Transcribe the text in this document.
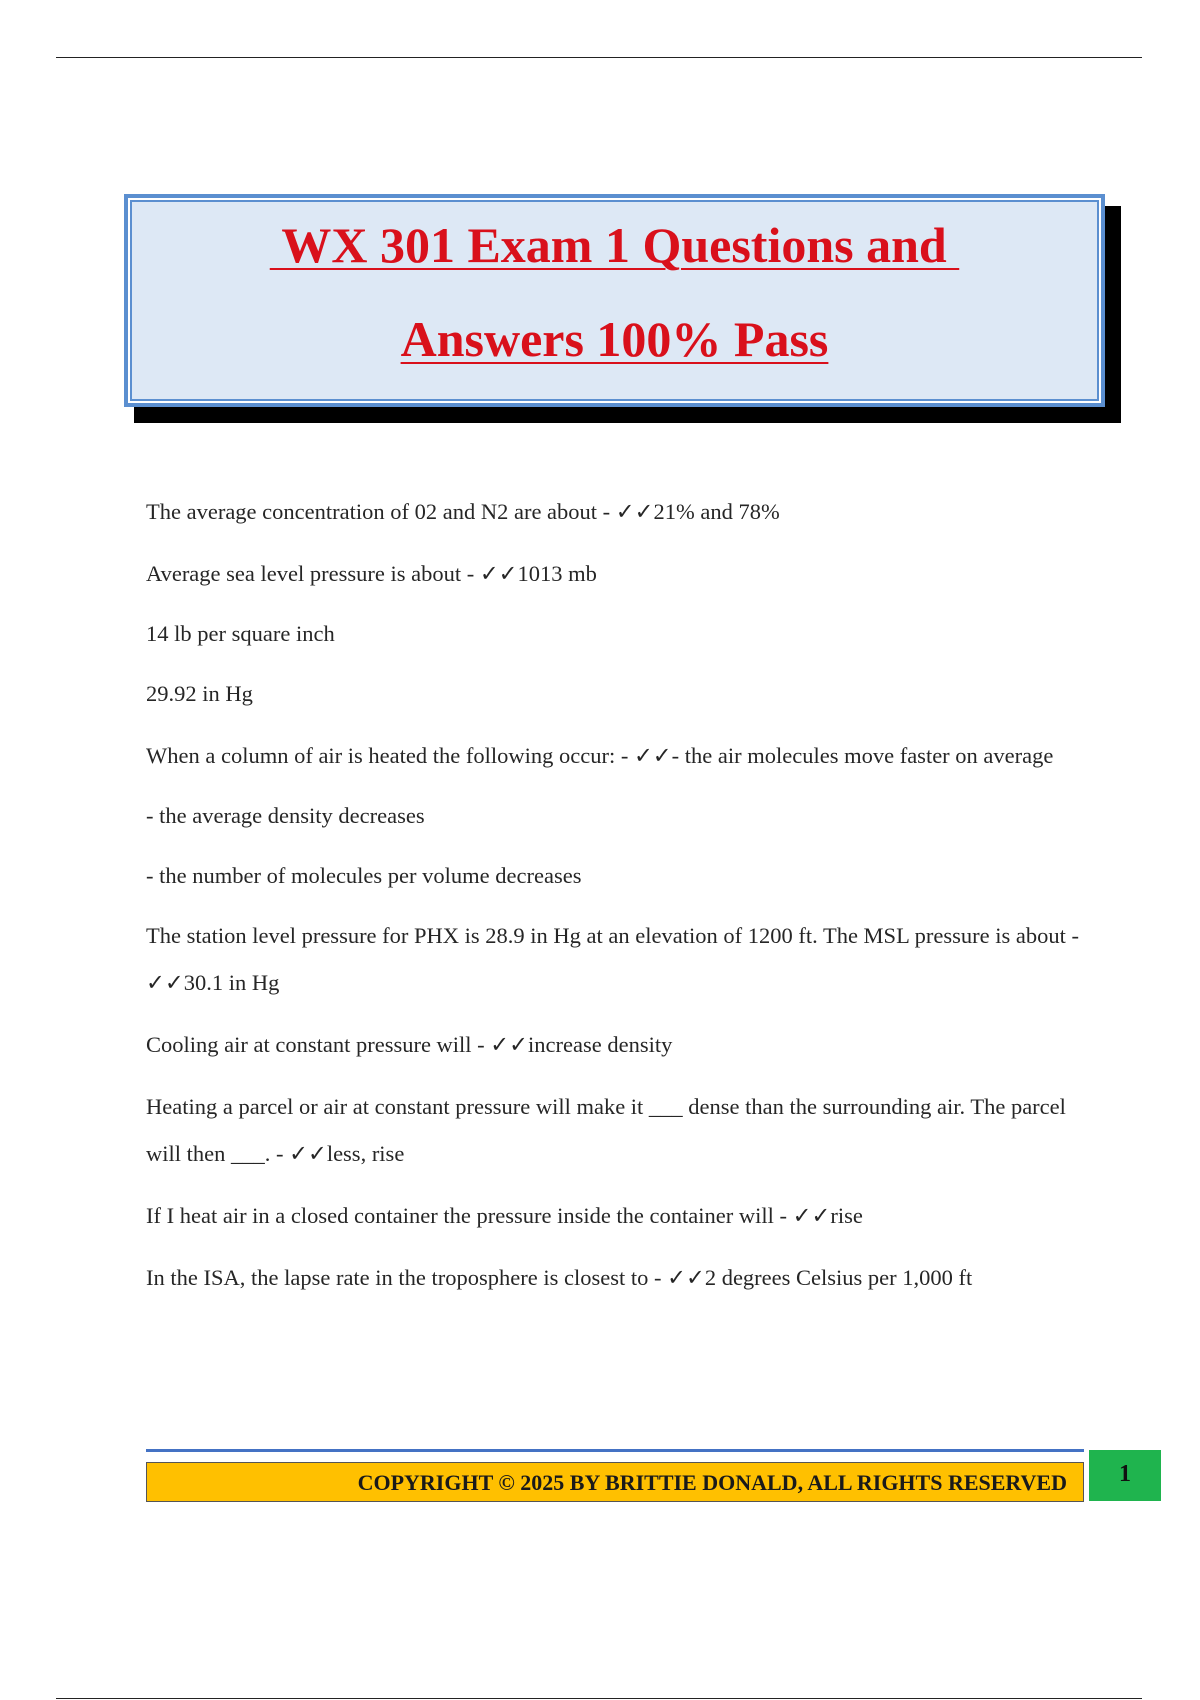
WX 301 Exam 1 Questions and
Answers 100% Pass

The average concentration of 02 and N2 are about - ✓✓21% and 78%

Average sea level pressure is about - ✓✓1013 mb

14 lb per square inch

29.92 in Hg

When a column of air is heated the following occur: - ✓✓- the air molecules move faster on average

- the average density decreases

- the number of molecules per volume decreases

The station level pressure for PHX is 28.9 in Hg at an elevation of 1200 ft. The MSL pressure is about - ✓✓30.1 in Hg

Cooling air at constant pressure will - ✓✓increase density

Heating a parcel or air at constant pressure will make it ___ dense than the surrounding air. The parcel will then ___. - ✓✓less, rise

If I heat air in a closed container the pressure inside the container will - ✓✓rise

In the ISA, the lapse rate in the troposphere is closest to - ✓✓2 degrees Celsius per 1,000 ft

COPYRIGHT © 2025 BY BRITTIE DONALD, ALL RIGHTS RESERVED	1
